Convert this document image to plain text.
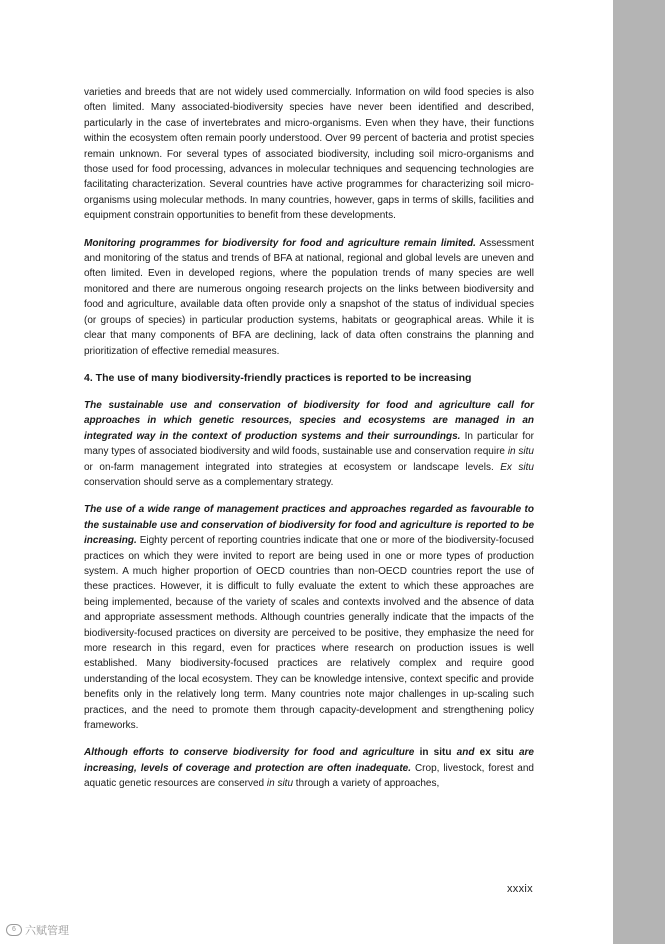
varieties and breeds that are not widely used commercially. Information on wild food species is also often limited. Many associated-biodiversity species have never been identified and described, particularly in the case of invertebrates and micro-organisms. Even when they have, their functions within the ecosystem often remain poorly understood. Over 99 percent of bacteria and protist species remain unknown. For several types of associated biodiversity, including soil micro-organisms and those used for food processing, advances in molecular techniques and sequencing technologies are facilitating characterization. Several countries have active programmes for characterizing soil micro-organisms using molecular methods. In many countries, however, gaps in terms of skills, facilities and equipment constrain opportunities to benefit from these developments.

Monitoring programmes for biodiversity for food and agriculture remain limited. Assessment and monitoring of the status and trends of BFA at national, regional and global levels are uneven and often limited. Even in developed regions, where the population trends of many species are well monitored and there are numerous ongoing research projects on the links between biodiversity and food and agriculture, available data often provide only a snapshot of the status of individual species (or groups of species) in particular production systems, habitats or geographical areas. While it is clear that many components of BFA are declining, lack of data often constrains the planning and prioritization of effective remedial measures.

4. The use of many biodiversity-friendly practices is reported to be increasing

The sustainable use and conservation of biodiversity for food and agriculture call for approaches in which genetic resources, species and ecosystems are managed in an integrated way in the context of production systems and their surroundings. In particular for many types of associated biodiversity and wild foods, sustainable use and conservation require in situ or on-farm management integrated into strategies at ecosystem or landscape levels. Ex situ conservation should serve as a complementary strategy.

The use of a wide range of management practices and approaches regarded as favourable to the sustainable use and conservation of biodiversity for food and agriculture is reported to be increasing. Eighty percent of reporting countries indicate that one or more of the biodiversity-focused practices on which they were invited to report are being used in one or more types of production system. A much higher proportion of OECD countries than non-OECD countries report the use of these practices. However, it is difficult to fully evaluate the extent to which these approaches are being implemented, because of the variety of scales and contexts involved and the absence of data and appropriate assessment methods. Although countries generally indicate that the impacts of the biodiversity-focused practices on diversity are perceived to be positive, they emphasize the need for more research in this regard, even for practices where research on production issues is well established. Many biodiversity-focused practices are relatively complex and require good understanding of the local ecosystem. They can be knowledge intensive, context specific and provide benefits only in the relatively long term. Many countries note major challenges in up-scaling such practices, and the need to promote them through capacity-development and strengthening policy frameworks.

Although efforts to conserve biodiversity for food and agriculture in situ and ex situ are increasing, levels of coverage and protection are often inadequate. Crop, livestock, forest and aquatic genetic resources are conserved in situ through a variety of approaches,

xxxix
6 六赋管理
